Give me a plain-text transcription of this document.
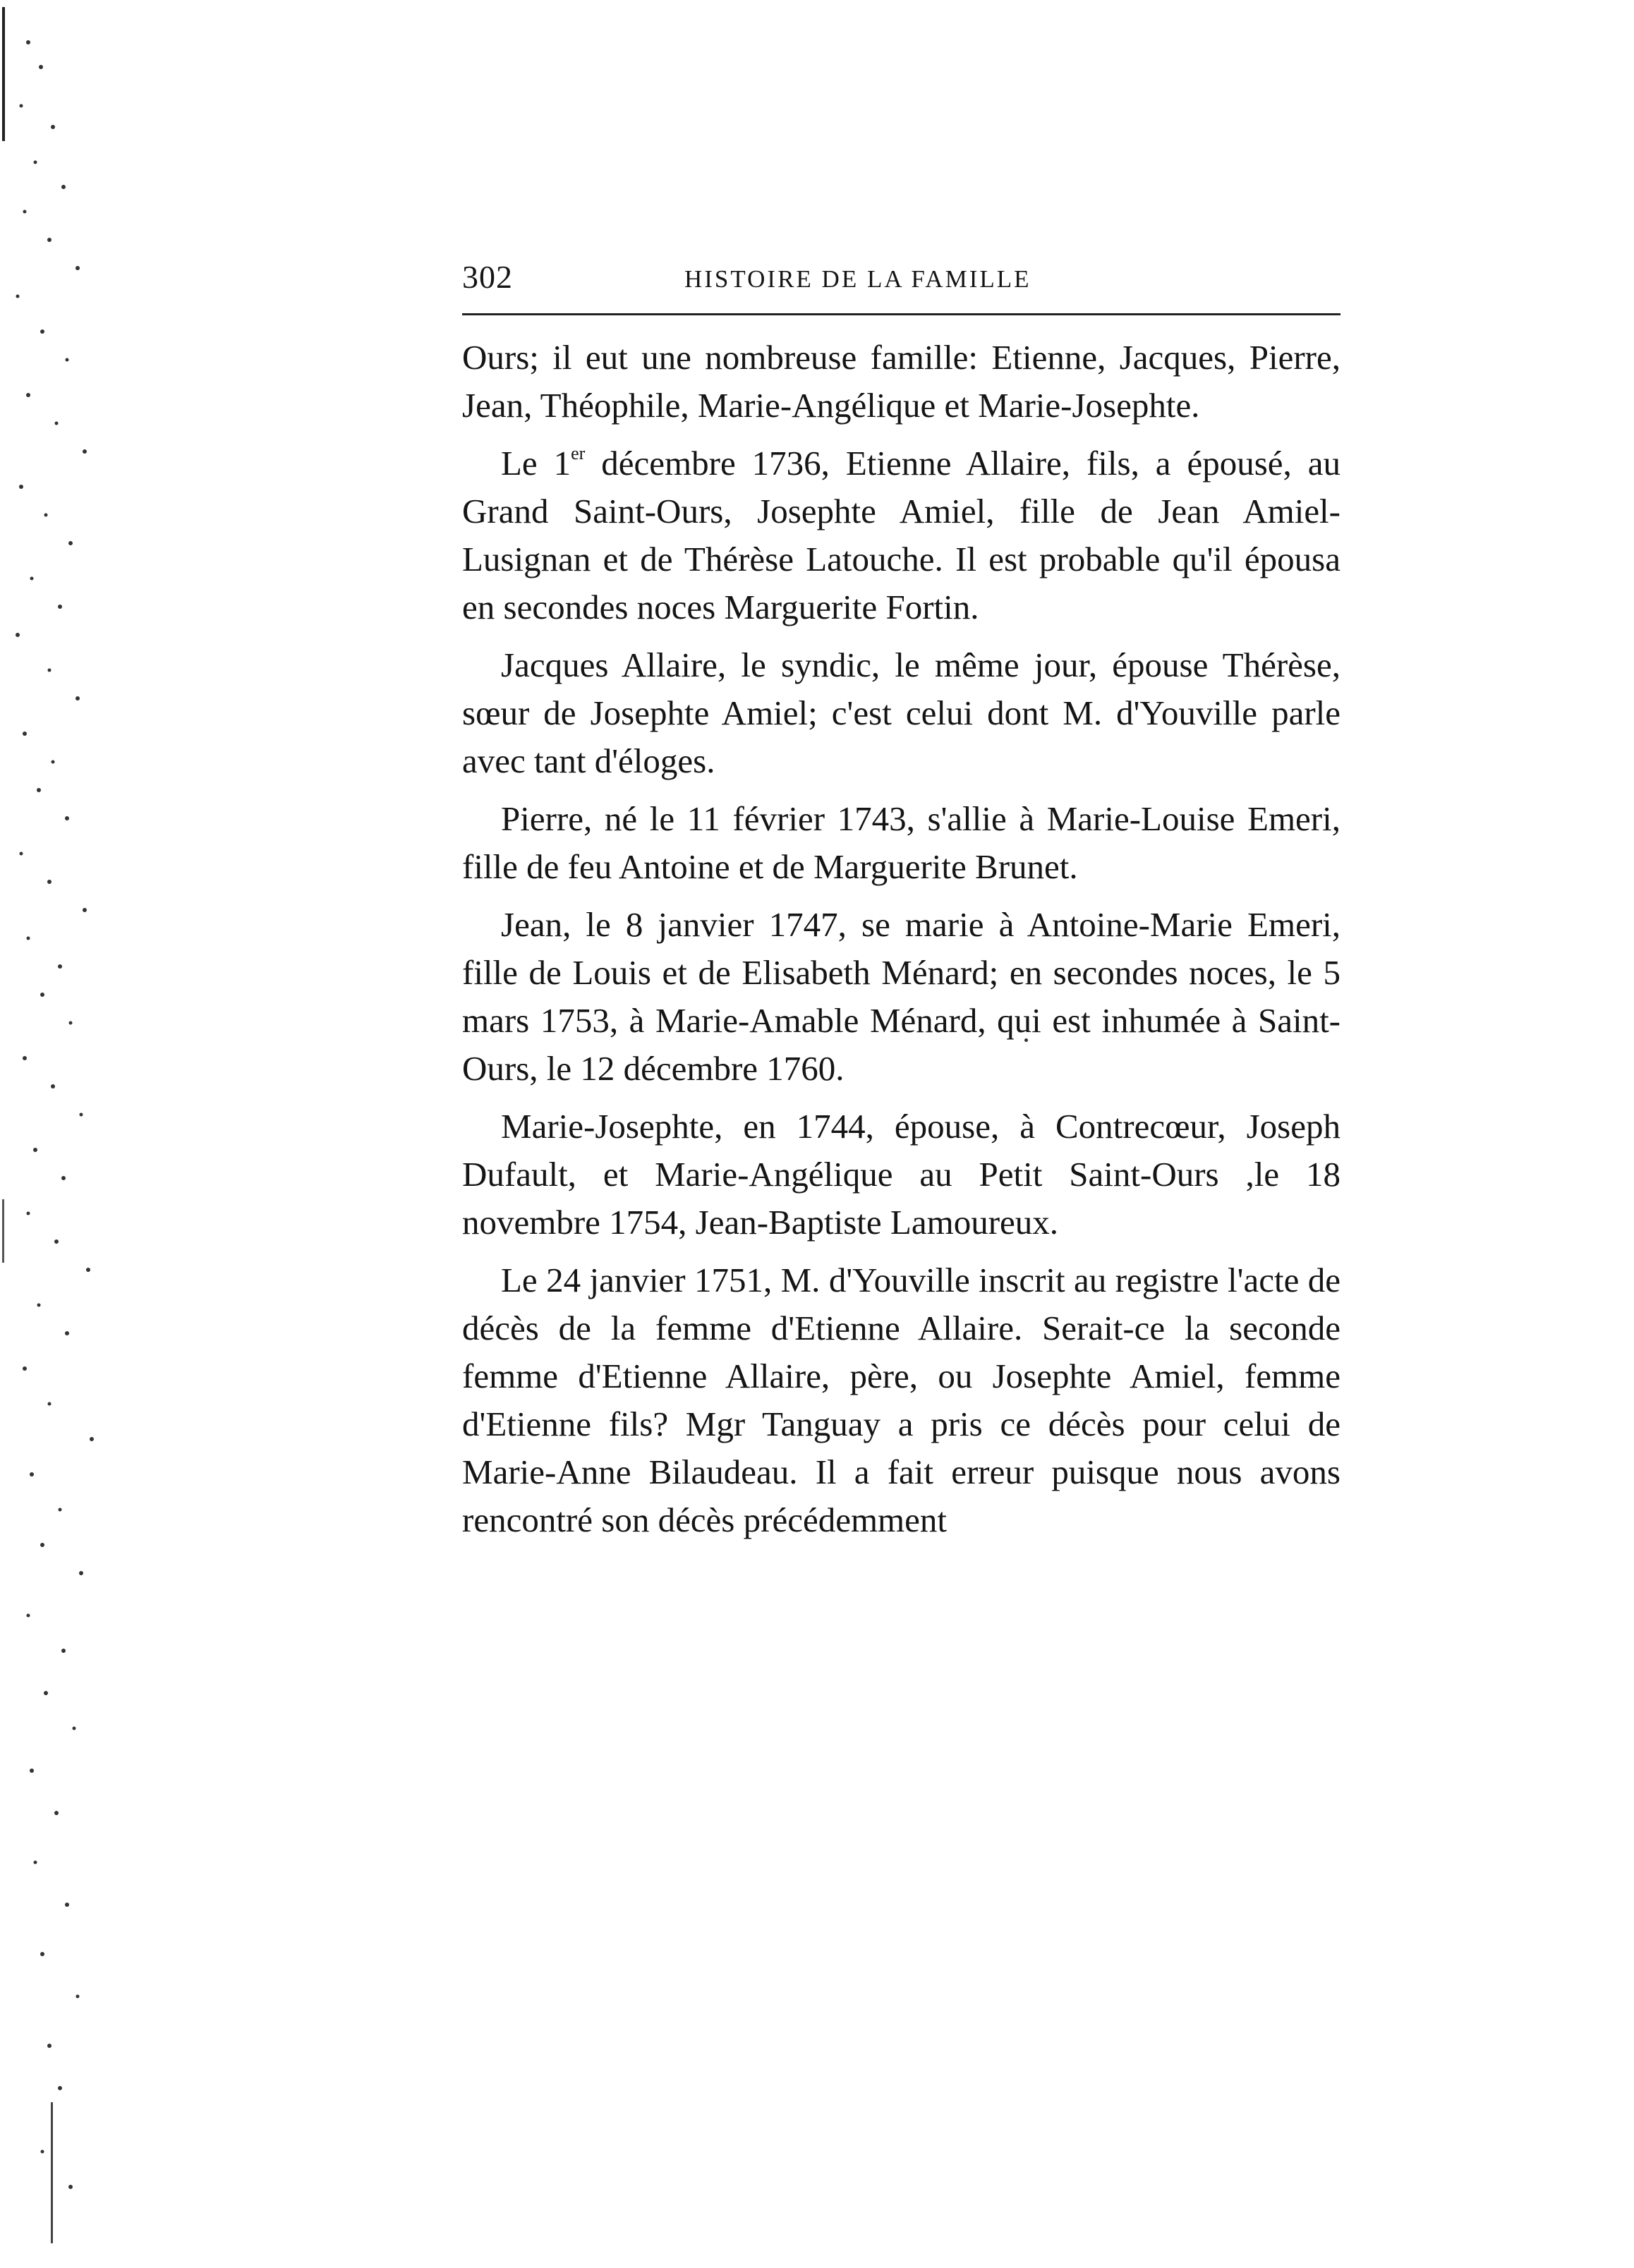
302	HISTOIRE DE LA FAMILLE

Ours; il eut une nombreuse famille: Etienne, Jacques, Pierre, Jean, Théophile, Marie-Angélique et Marie-Josephte.

Le 1er décembre 1736, Etienne Allaire, fils, a épousé, au Grand Saint-Ours, Josephte Amiel, fille de Jean Amiel-Lusignan et de Thérèse Latouche. Il est probable qu'il épousa en secondes noces Marguerite Fortin.

Jacques Allaire, le syndic, le même jour, épouse Thérèse, sœur de Josephte Amiel; c'est celui dont M. d'Youville parle avec tant d'éloges.

Pierre, né le 11 février 1743, s'allie à Marie-Louise Emeri, fille de feu Antoine et de Marguerite Brunet.

Jean, le 8 janvier 1747, se marie à Antoine-Marie Emeri, fille de Louis et de Elisabeth Ménard; en secondes noces, le 5 mars 1753, à Marie-Amable Ménard, qui est inhumée à Saint-Ours, le 12 décembre 1760.

Marie-Josephte, en 1744, épouse, à Contrecœur, Joseph Dufault, et Marie-Angélique au Petit Saint-Ours ,le 18 novembre 1754, Jean-Baptiste Lamoureux.

Le 24 janvier 1751, M. d'Youville inscrit au registre l'acte de décès de la femme d'Etienne Allaire. Serait-ce la seconde femme d'Etienne Allaire, père, ou Josephte Amiel, femme d'Etienne fils? Mgr Tanguay a pris ce décès pour celui de Marie-Anne Bilaudeau. Il a fait erreur puisque nous avons rencontré son décès précédemment
